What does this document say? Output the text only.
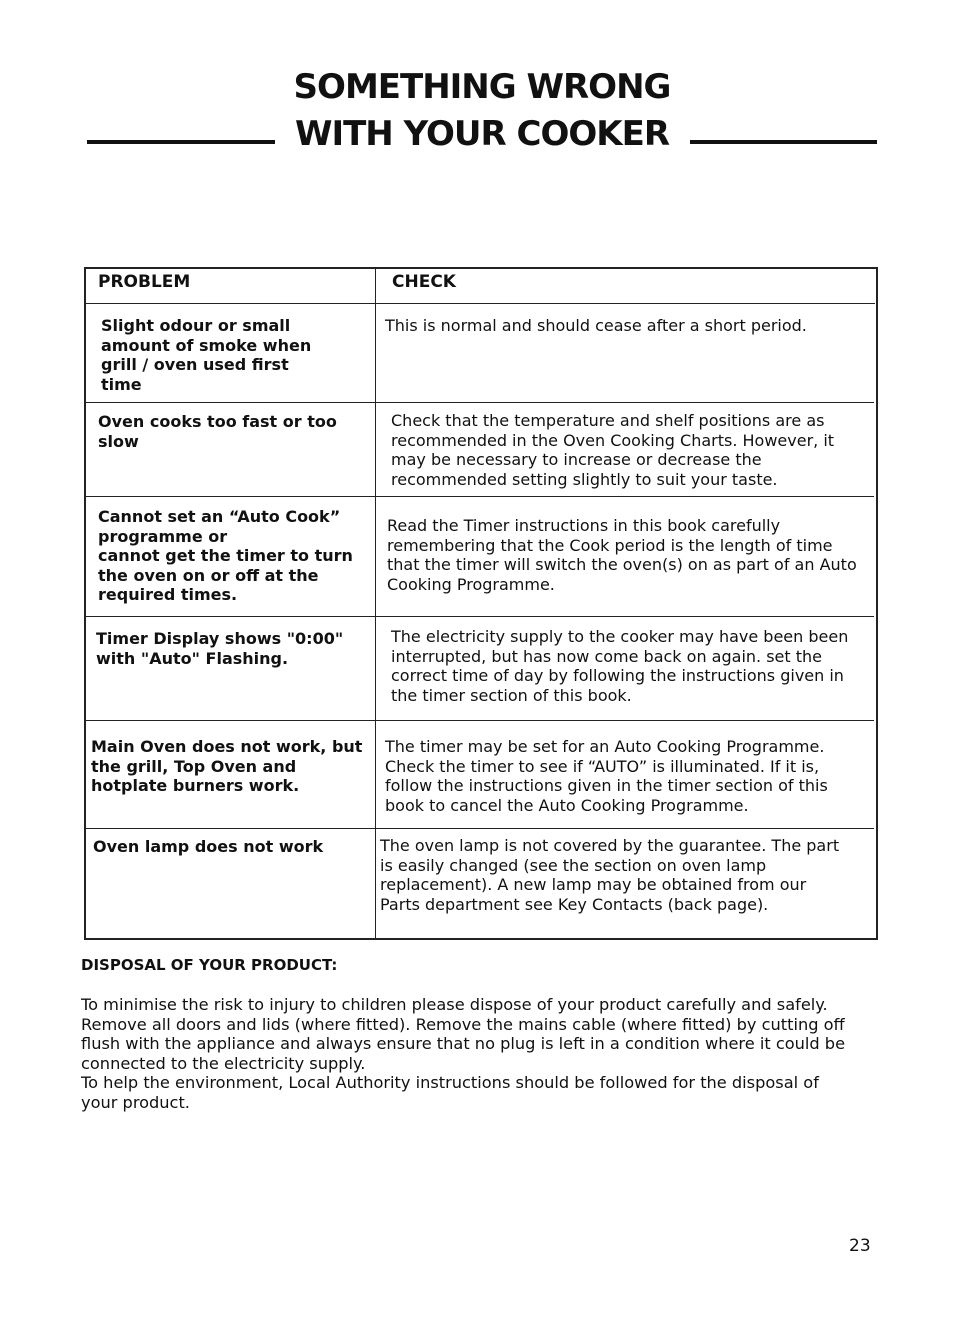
SOMETHING WRONG
WITH YOUR COOKER
PROBLEM	CHECK
Slight odour or small
amount of smoke when
grill / oven used first
time
This is normal and should cease after a short period.
Oven cooks too fast or too
slow
Check that the temperature and shelf positions are as
recommended in the Oven Cooking Charts. However, it
may be necessary to increase or decrease the
recommended setting slightly to suit your taste.
Cannot set an “Auto Cook”
programme or
cannot get the timer to turn
the oven on or off at the
required times.
Read the Timer instructions in this book carefully
remembering that the Cook period is the length of time
that the timer will switch the oven(s) on as part of an Auto
Cooking Programme.
Timer Display shows "0:00"
with "Auto" Flashing.
The electricity supply to the cooker may have been been
interrupted, but has now come back on again. set the
correct time of day by following the instructions given in
the timer section of this book.
Main Oven does not work, but
the grill, Top Oven and
hotplate burners work.
The timer may be set for an Auto Cooking Programme.
Check the timer to see if “AUTO” is illuminated. If it is,
follow the instructions given in the timer section of this
book to cancel the Auto Cooking Programme.
Oven lamp does not work	The oven lamp is not covered by the guarantee. The part
is easily changed (see the section on oven lamp
replacement). A new lamp may be obtained from our
Parts department see Key Contacts (back page).
DISPOSAL OF YOUR PRODUCT:
To minimise the risk to injury to children please dispose of your product carefully and safely.
Remove all doors and lids (where fitted). Remove the mains cable (where fitted) by cutting off
flush with the appliance and always ensure that no plug is left in a condition where it could be
connected to the electricity supply.
To help the environment, Local Authority instructions should be followed for the disposal of
your product.
23
